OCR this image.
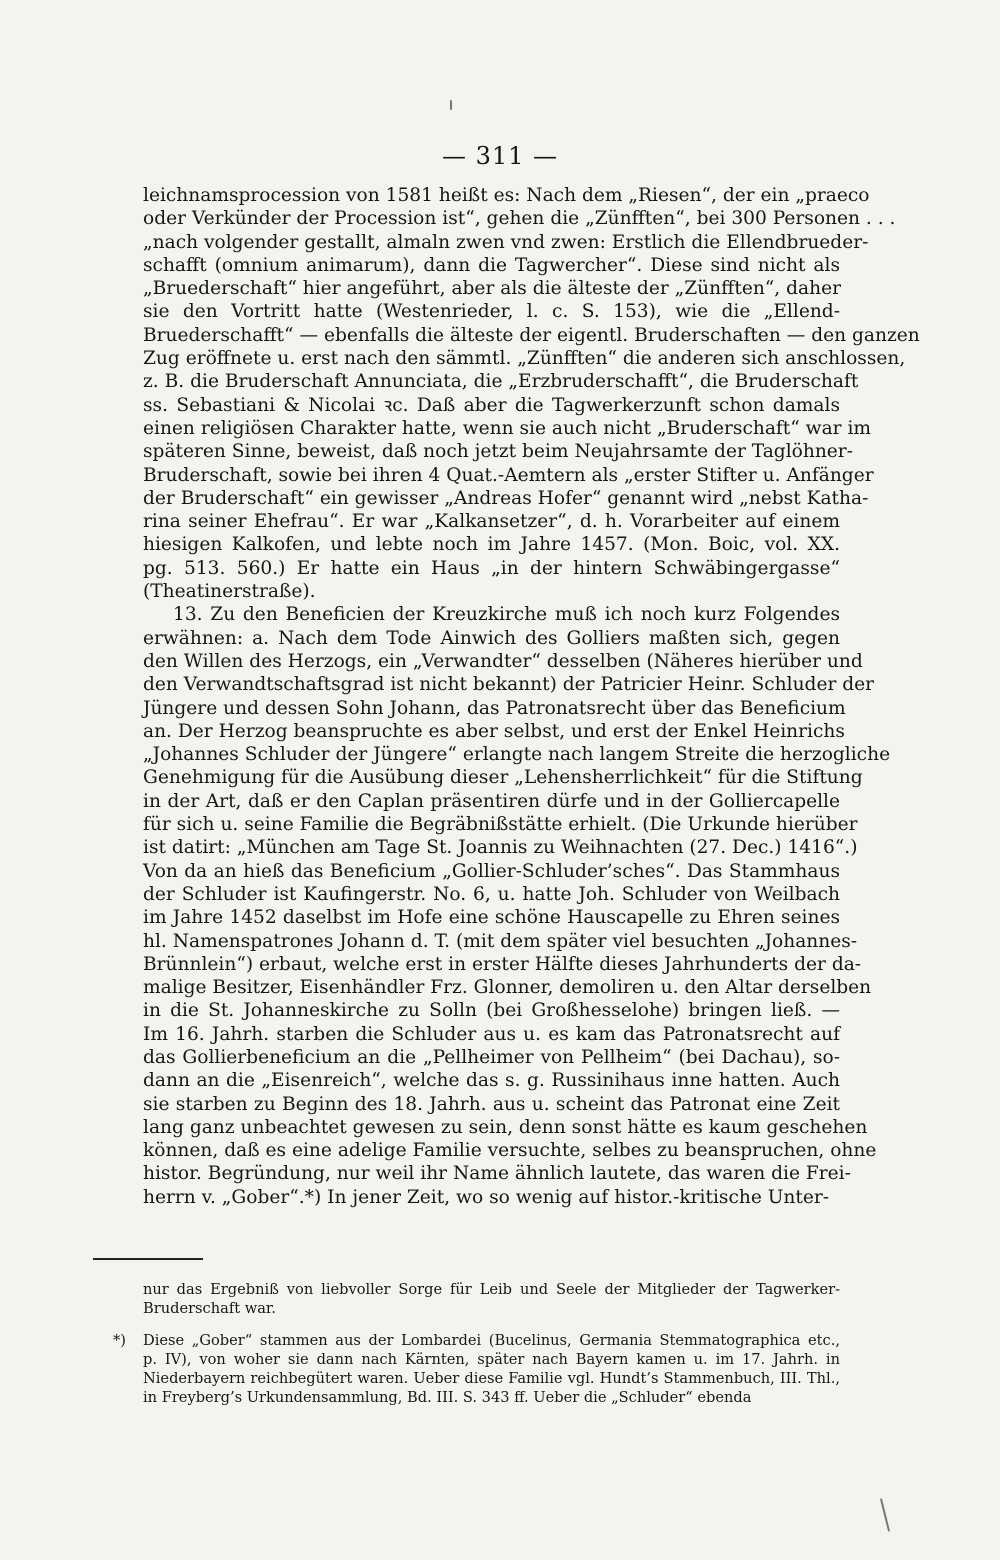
— 311 —
leichnamsprocession von 1581 heißt es: Nach dem „Riesen“, der ein „praeco
oder Verkünder der Procession ist“, gehen die „Zünfften“, bei 300 Personen . . .
„nach volgender gestallt, almaln zwen vnd zwen: Erstlich die Ellendbrueder-
schafft (omnium animarum), dann die Tagwercher“. Diese sind nicht als
„Bruederschaft“ hier angeführt, aber als die älteste der „Zünfften“, daher
sie den Vortritt hatte (Westenrieder, l. c. S. 153), wie die „Ellend-
Bruederschafft“ — ebenfalls die älteste der eigentl. Bruderschaften — den ganzen
Zug eröffnete u. erst nach den sämmtl. „Zünfften“ die anderen sich anschlossen,
z. B. die Bruderschaft Annunciata, die „Erzbruderschafft“, die Bruderschaft
ss. Sebastiani & Nicolai ꝛc. Daß aber die Tagwerkerzunft schon damals
einen religiösen Charakter hatte, wenn sie auch nicht „Bruderschaft“ war im
späteren Sinne, beweist, daß noch jetzt beim Neujahrsamte der Taglöhner-
Bruderschaft, sowie bei ihren 4 Quat.-Aemtern als „erster Stifter u. Anfänger
der Bruderschaft“ ein gewisser „Andreas Hofer“ genannt wird „nebst Katha-
rina seiner Ehefrau“. Er war „Kalkansetzer“, d. h. Vorarbeiter auf einem
hiesigen Kalkofen, und lebte noch im Jahre 1457. (Mon. Boic, vol. XX.
pg. 513. 560.) Er hatte ein Haus „in der hintern Schwäbingergasse“
(Theatinerstraße).
13. Zu den Beneficien der Kreuzkirche muß ich noch kurz Folgendes
erwähnen: a. Nach dem Tode Ainwich des Golliers maßten sich, gegen
den Willen des Herzogs, ein „Verwandter“ desselben (Näheres hierüber und
den Verwandtschaftsgrad ist nicht bekannt) der Patricier Heinr. Schluder der
Jüngere und dessen Sohn Johann, das Patronatsrecht über das Beneficium
an. Der Herzog beanspruchte es aber selbst, und erst der Enkel Heinrichs
„Johannes Schluder der Jüngere“ erlangte nach langem Streite die herzogliche
Genehmigung für die Ausübung dieser „Lehensherrlichkeit“ für die Stiftung
in der Art, daß er den Caplan präsentiren dürfe und in der Golliercapelle
für sich u. seine Familie die Begräbnißstätte erhielt. (Die Urkunde hierüber
ist datirt: „München am Tage St. Joannis zu Weihnachten (27. Dec.) 1416“.)
Von da an hieß das Beneficium „Gollier-Schluder’sches“. Das Stammhaus
der Schluder ist Kaufingerstr. No. 6, u. hatte Joh. Schluder von Weilbach
im Jahre 1452 daselbst im Hofe eine schöne Hauscapelle zu Ehren seines
hl. Namenspatrones Johann d. T. (mit dem später viel besuchten „Johannes-
Brünnlein“) erbaut, welche erst in erster Hälfte dieses Jahrhunderts der da-
malige Besitzer, Eisenhändler Frz. Glonner, demoliren u. den Altar derselben
in die St. Johanneskirche zu Solln (bei Großhesselohe) bringen ließ. —
Im 16. Jahrh. starben die Schluder aus u. es kam das Patronatsrecht auf
das Gollierbeneficium an die „Pellheimer von Pellheim“ (bei Dachau), so-
dann an die „Eisenreich“, welche das s. g. Russinihaus inne hatten. Auch
sie starben zu Beginn des 18. Jahrh. aus u. scheint das Patronat eine Zeit
lang ganz unbeachtet gewesen zu sein, denn sonst hätte es kaum geschehen
können, daß es eine adelige Familie versuchte, selbes zu beanspruchen, ohne
histor. Begründung, nur weil ihr Name ähnlich lautete, das waren die Frei-
herrn v. „Gober“.*) In jener Zeit, wo so wenig auf histor.-kritische Unter-
nur das Ergebniß von liebvoller Sorge für Leib und Seele der Mitglieder der Tagwerker-
Bruderschaft war.
*) Diese „Gober“ stammen aus der Lombardei (Bucelinus, Germania Stemmatographica etc.,
p. IV), von woher sie dann nach Kärnten, später nach Bayern kamen u. im 17. Jahrh. in
Niederbayern reichbegütert waren. Ueber diese Familie vgl. Hundt’s Stammenbuch, III. Thl.,
in Freyberg’s Urkundensammlung, Bd. III. S. 343 ff. Ueber die „Schluder“ ebenda
